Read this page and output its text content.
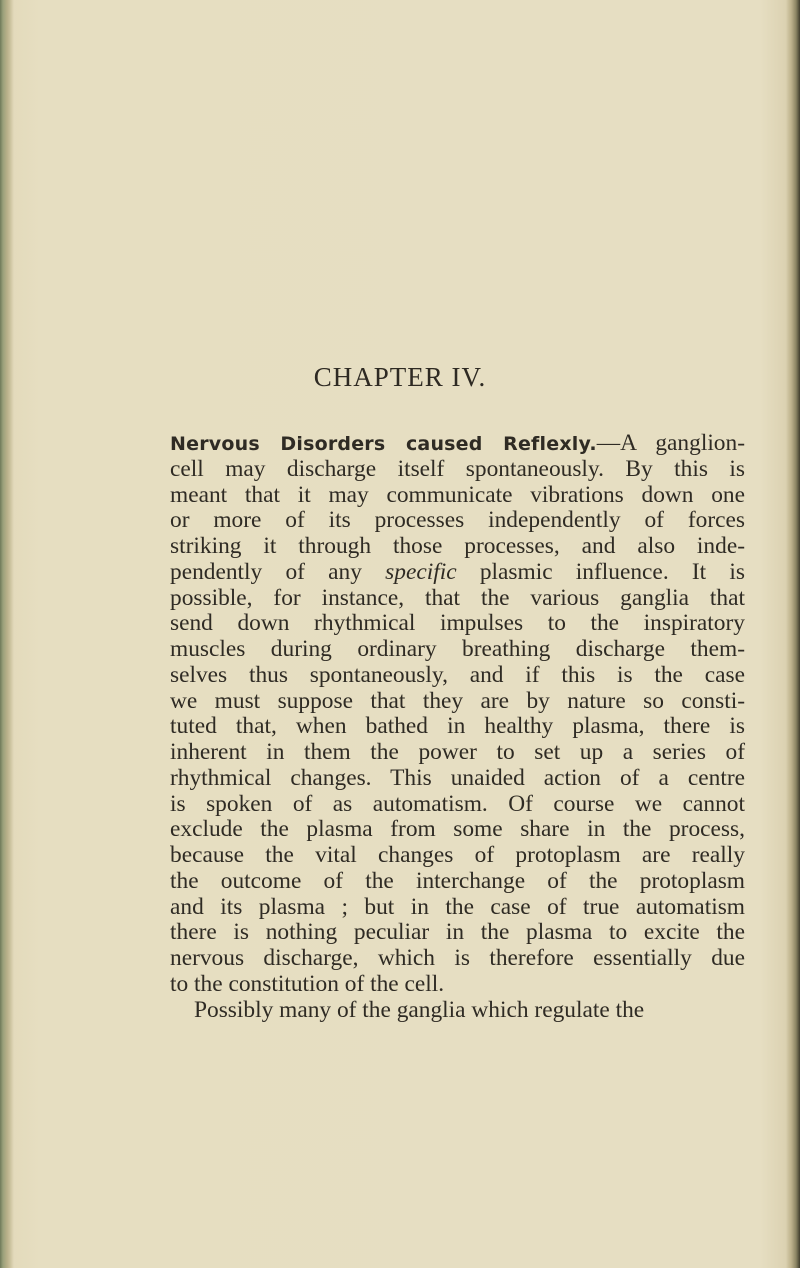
CHAPTER IV.
Nervous Disorders caused Reflexly.—A ganglion-
cell may discharge itself spontaneously. By this is
meant that it may communicate vibrations down one
or more of its processes independently of forces
striking it through those processes, and also inde-
pendently of any specific plasmic influence. It is
possible, for instance, that the various ganglia that
send down rhythmical impulses to the inspiratory
muscles during ordinary breathing discharge them-
selves thus spontaneously, and if this is the case
we must suppose that they are by nature so consti-
tuted that, when bathed in healthy plasma, there is
inherent in them the power to set up a series of
rhythmical changes. This unaided action of a centre
is spoken of as automatism. Of course we cannot
exclude the plasma from some share in the process,
because the vital changes of protoplasm are really
the outcome of the interchange of the protoplasm
and its plasma ; but in the case of true automatism
there is nothing peculiar in the plasma to excite the
nervous discharge, which is therefore essentially due
to the constitution of the cell.
Possibly many of the ganglia which regulate the
